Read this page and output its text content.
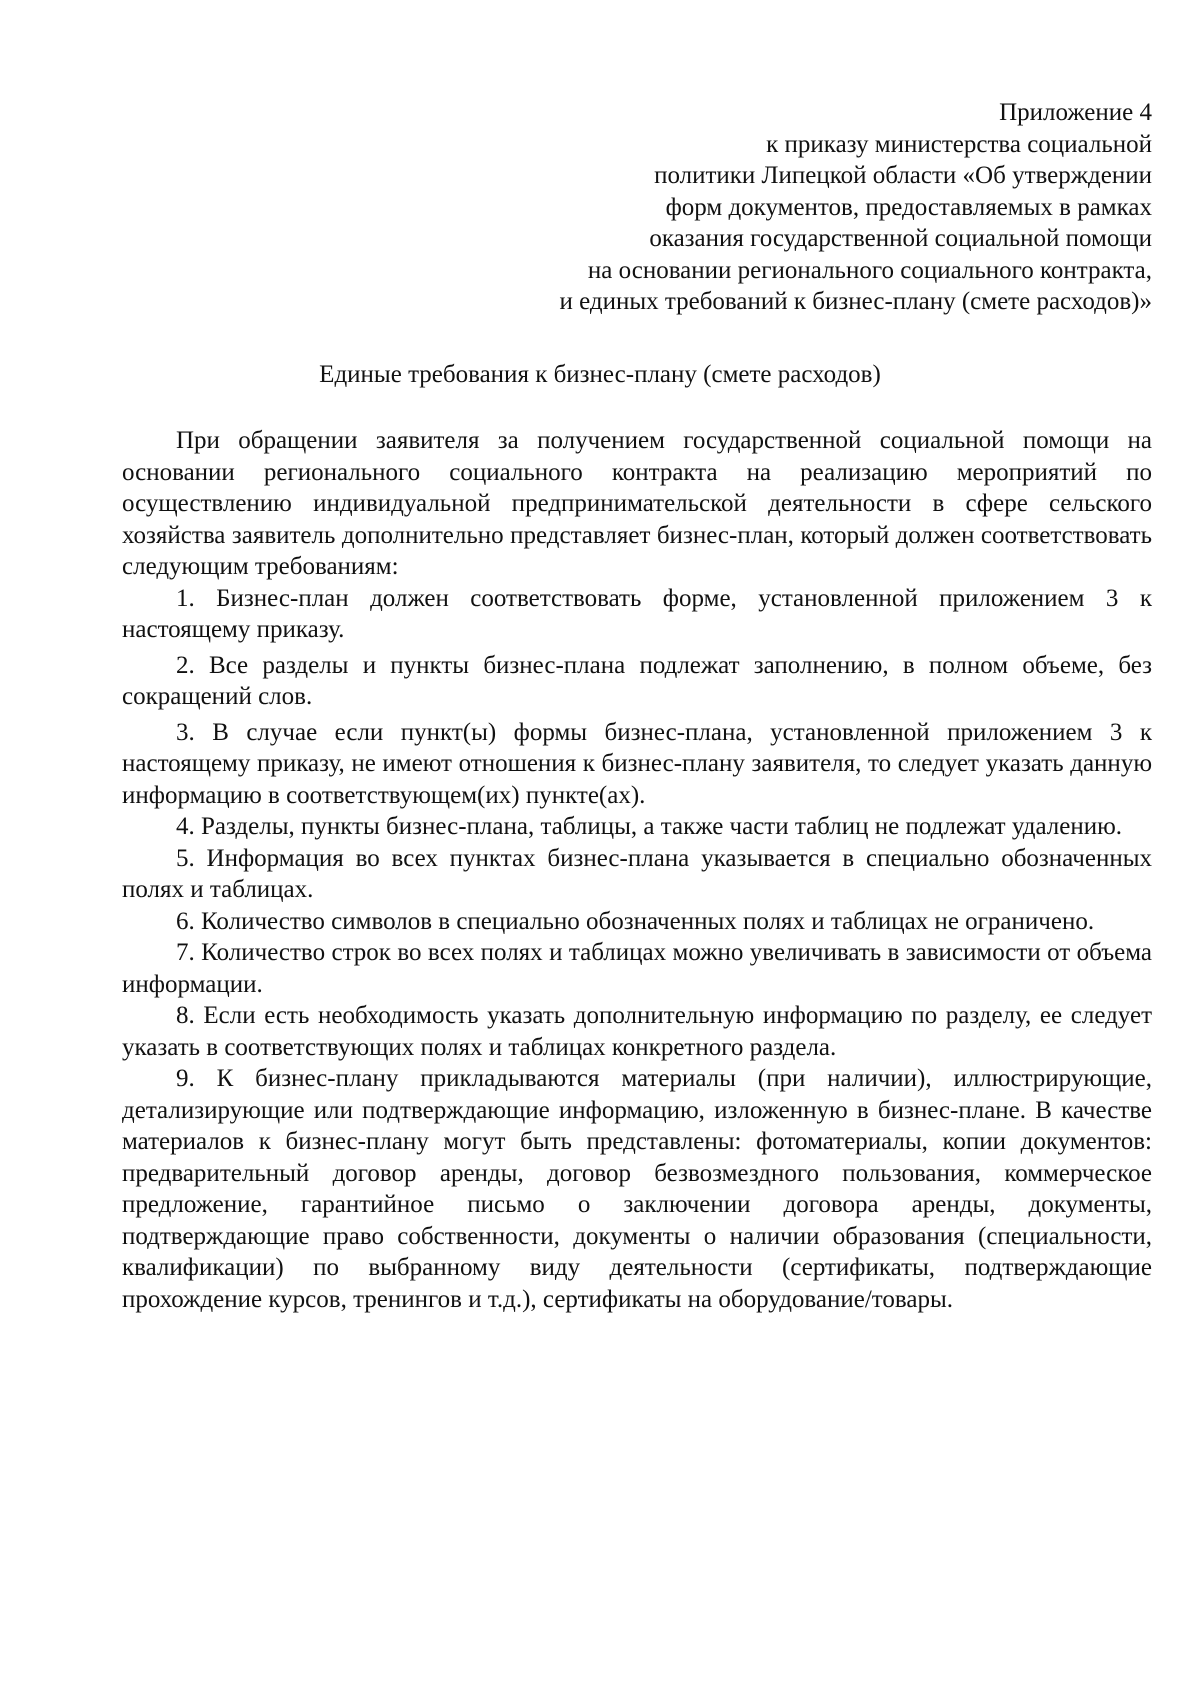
Приложение 4
к приказу министерства социальной
политики Липецкой области «Об утверждении
форм документов, предоставляемых в рамках
оказания государственной социальной помощи
на основании регионального социального контракта,
и единых требований к бизнес-плану (смете расходов)»
Единые требования к бизнес-плану (смете расходов)

При обращении заявителя за получением государственной социальной помощи на основании регионального социального контракта на реализацию мероприятий по осуществлению индивидуальной предпринимательской деятельности в сфере сельского хозяйства заявитель дополнительно представляет бизнес-план, который должен соответствовать следующим требованиям:

1. Бизнес-план должен соответствовать форме, установленной приложением 3 к настоящему приказу.

2. Все разделы и пункты бизнес-плана подлежат заполнению, в полном объеме, без сокращений слов.

3. В случае если пункт(ы) формы бизнес-плана, установленной приложением 3 к настоящему приказу, не имеют отношения к бизнес-плану заявителя, то следует указать данную информацию в соответствующем(их) пункте(ах).

4. Разделы, пункты бизнес-плана, таблицы, а также части таблиц не подлежат удалению.

5. Информация во всех пунктах бизнес-плана указывается в специально обозначенных полях и таблицах.

6. Количество символов в специально обозначенных полях и таблицах не ограничено.

7. Количество строк во всех полях и таблицах можно увеличивать в зависимости от объема информации.

8. Если есть необходимость указать дополнительную информацию по разделу, ее следует указать в соответствующих полях и таблицах конкретного раздела.

9. К бизнес-плану прикладываются материалы (при наличии), иллюстрирующие, детализирующие или подтверждающие информацию, изложенную в бизнес-плане. В качестве материалов к бизнес-плану могут быть представлены: фотоматериалы, копии документов: предварительный договор аренды, договор безвозмездного пользования, коммерческое предложение, гарантийное письмо о заключении договора аренды, документы, подтверждающие право собственности, документы о наличии образования (специальности, квалификации) по выбранному виду деятельности (сертификаты, подтверждающие прохождение курсов, тренингов и т.д.), сертификаты на оборудование/товары.
